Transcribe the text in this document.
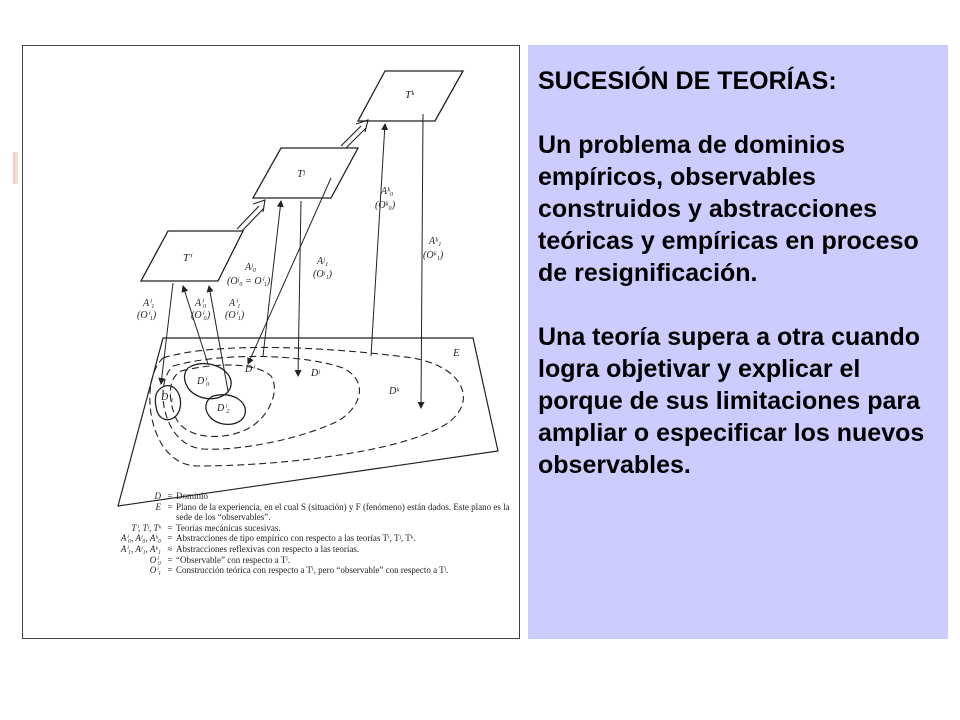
Tⁱ
Tʲ
Tᵏ
E
Aⁱ₁
(Oⁱ₁)
Aⁱ₀
(Oⁱ₀)
Aⁱ₁
(Oⁱ₁)
Aʲ₀
(Oʲ₀ = Oⁱ₁)
Aʲ₁
(Oʲ₁)
Aᵏ₀
(Oᵏ₀)
Aᵏ₁
(Oᵏ₁)
Dⁱ₀
Dⁱ₁
Dⁱ₂
Dⁱ	Dʲ
Dᵏ
D = Dominio
E = Plano de la experiencia, en el cual S (situación) y F (fenómeno) están dados. Este plano es la sede de los “observables”.
Tⁱ, Tʲ, Tᵏ = Teorías mecánicas sucesivas.
Aⁱ₀, Aʲ₀, Aᵏ₀ = Abstracciones de tipo empírico con respecto a las teorías Tⁱ, Tʲ, Tᵏ.
Aⁱ₁, Aʲ₁, Aᵏ₁ ≈ Abstracciones reflexivas con respecto a las teorías.
Oⁱ₀ = “Observable” con respecto a Tⁱ.
Oⁱ₁ = Construcción teórica con respecto a Tⁱ, pero “observable” con respecto a Tʲ.

SUCESIÓN DE TEORÍAS:

Un problema de dominios empíricos, observables construidos y abstracciones teóricas y empíricas en proceso de resignificación.

Una teoría supera a otra cuando logra objetivar y explicar el porque de sus limitaciones para ampliar o especificar los nuevos observables.
